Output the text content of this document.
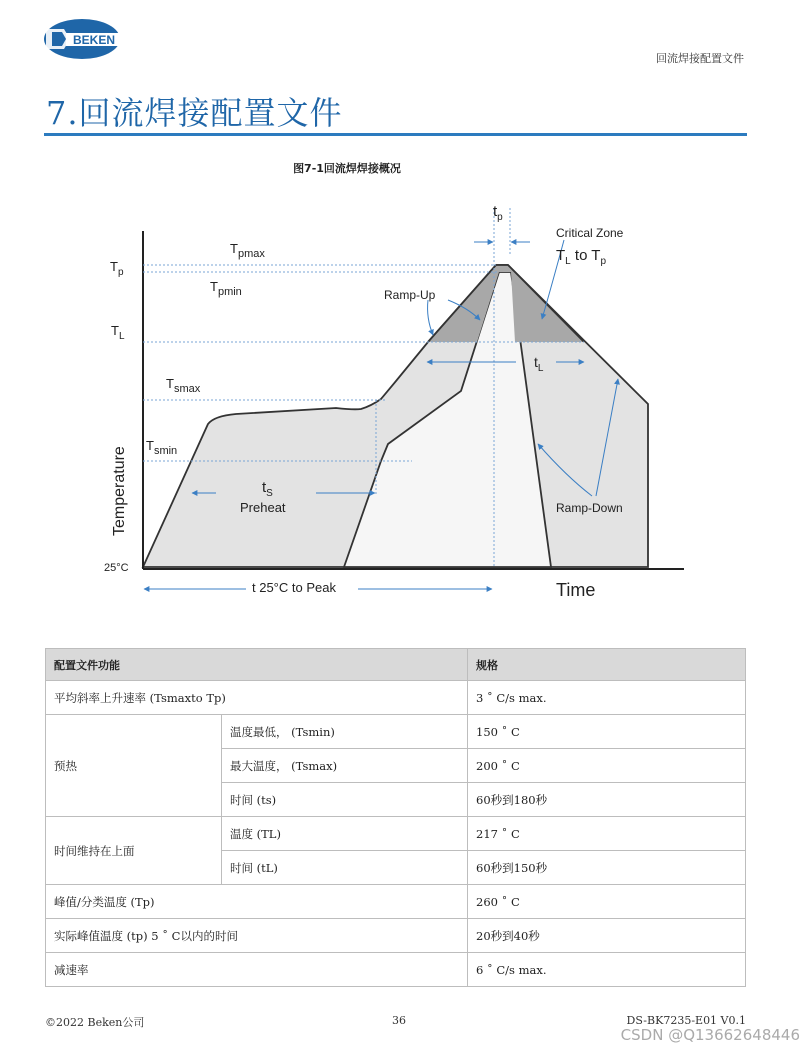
BEKEN
回流焊接配置文件
7.回流焊接配置文件
图7-1回流焊焊接概况
$t_p$
Critical Zone
$T_L$ to $T_p$
$T_{pmax}$
$T_p$
$T_{pmin}$	Ramp-Up
$T_L$
$t_L$
$T_{smax}$
$T_{smin}$
$t_S$
Preheat	Ramp-Down
Temperature
25°C
t 25°C to Peak	Time
配置文件功能		规格
平均斜率上升速率 (Tsmaxto Tp)		3 ˚ C/s max.
预热	温度最低， (Tsmin)	150 ˚ C
	最大温度， (Tsmax)	200 ˚ C
	时间 (ts)	60秒到180秒
时间维持在上面	温度 (TL)	217 ˚ C
	时间 (tL)	60秒到150秒
峰值/分类温度 (Tp)		260 ˚ C
实际峰值温度 (tp) 5 ˚ C以内的时间		20秒到40秒
减速率		6 ˚ C/s max.
©2022 Beken公司	36	DS-BK7235-E01 V0.1
CSDN @Q13662648446
